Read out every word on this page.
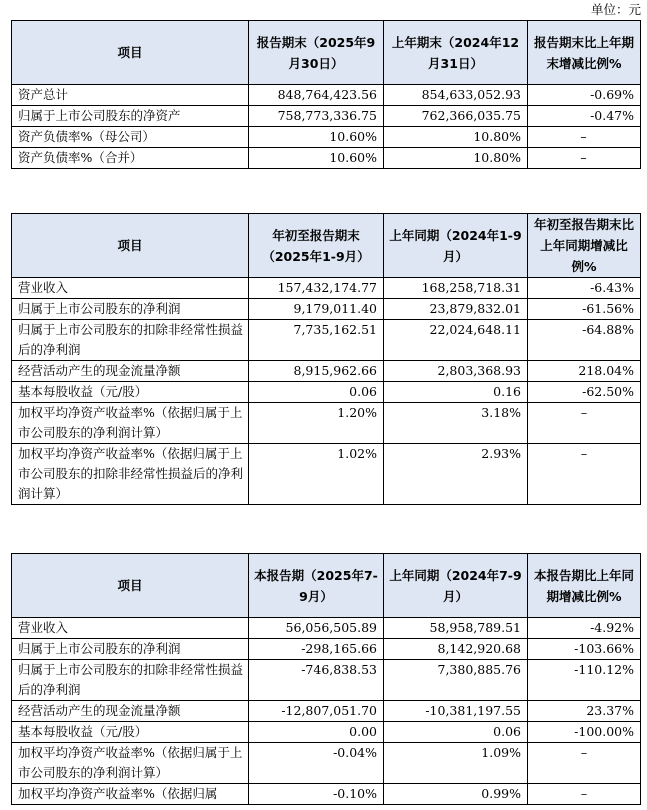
单位：元
项目	报告期末（2025年9月30日）	上年期末（2024年12月31日）	报告期末比上年期末增减比例%
资产总计	848,764,423.56	854,633,052.93	-0.69%
归属于上市公司股东的净资产	758,773,336.75	762,366,035.75	-0.47%
资产负债率%（母公司）	10.60%	10.80%	–
资产负债率%（合并）	10.60%	10.80%	–
项目	年初至报告期末（2025年1-9月）	上年同期（2024年1-9月）	年初至报告期末比上年同期增减比例%
营业收入	157,432,174.77	168,258,718.31	-6.43%
归属于上市公司股东的净利润	9,179,011.40	23,879,832.01	-61.56%
归属于上市公司股东的扣除非经常性损益后的净利润	7,735,162.51	22,024,648.11	-64.88%
经营活动产生的现金流量净额	8,915,962.66	2,803,368.93	218.04%
基本每股收益（元/股）	0.06	0.16	-62.50%
加权平均净资产收益率%（依据归属于上市公司股东的净利润计算）	1.20%	3.18%	–
加权平均净资产收益率%（依据归属于上市公司股东的扣除非经常性损益后的净利润计算）	1.02%	2.93%	–
项目	本报告期（2025年7-9月）	上年同期（2024年7-9月）	本报告期比上年同期增减比例%
营业收入	56,056,505.89	58,958,789.51	-4.92%
归属于上市公司股东的净利润	-298,165.66	8,142,920.68	-103.66%
归属于上市公司股东的扣除非经常性损益后的净利润	-746,838.53	7,380,885.76	-110.12%
经营活动产生的现金流量净额	-12,807,051.70	-10,381,197.55	23.37%
基本每股收益（元/股）	0.00	0.06	-100.00%
加权平均净资产收益率%（依据归属于上市公司股东的净利润计算）	-0.04%	1.09%	–
加权平均净资产收益率%（依据归属	-0.10%	0.99%	–
